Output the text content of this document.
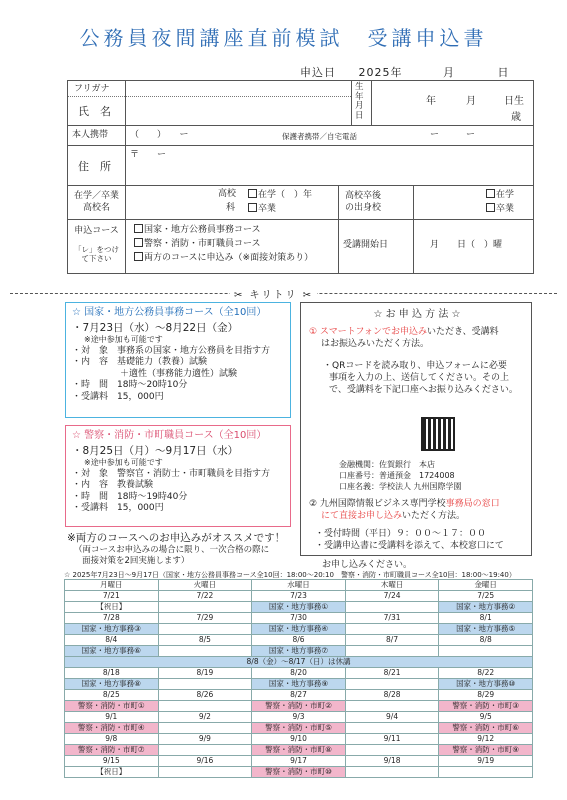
公務員夜間講座直前模試　受講申込書
申込日 2025年	月	日
フリガナ
氏　名
生年月日
年	月	日生
歳
本人携帯 （　　）　　ー	保護者携帯／自宅電話	ー　　　ー
住　所
〒　　ー
在学／卒業
高校名
高校	在学（　）年
科	卒業
高校卒後
の出身校
在学
卒業
申込コース
「レ」をつけ
て下さい
国家・地方公務員事務コース
警察・消防・市町職員コース
両方のコースに申込み（※面接対策あり）
受講開始日	月　　日（　）曜
✂ キリトリ ✂
☆ 国家・地方公務員事務コース（全10回）
・7月23日（水）〜8月22日（金）
※途中参加も可能です
・対　象　事務系の国家・地方公務員を目指す方
・内　容　基礎能力（教養）試験
＋適性（事務能力適性）試験
・時　間　18時〜20時10分
・受講料　15，000円
☆ 警察・消防・市町職員コース（全10回）
・8月25日（月）〜9月17日（水）
※途中参加も可能です
・対　象　警察官・消防士・市町職員を目指す方
・内　容　教養試験
・時　間　18時〜19時40分
・受講料　15，000円
※両方のコースへのお申込みがオススメです！
（両コースお申込みの場合に限り、一次合格の際に
面接対策を2回実施します）
☆ お 申 込 方 法 ☆
① スマートフォンでお申込みいただき、受講料
はお振込みいただく方法。
・QRコードを読み取り、申込フォームに必要
事項を入力の上、送信してください。その上
で、受講料を下記口座へお振り込みください。
金融機関：佐賀銀行　本店
口座番号：普通預金　1724008
口座名義：学校法人 九州国際学園
② 九州国際情報ビジネス専門学校事務局の窓口
にて直接お申し込みいただく方法。
・受付時間（平日）９：００〜１７：００
・受講申込書に受講料を添えて、本校窓口にて
お申し込みください。
☆ 2025年7月23日〜9月17日（国家・地方公務員事務コース全10回：18:00〜20:10　警察・消防・市町職員コース全10回：18:00〜19:40）
月曜日	火曜日	水曜日	木曜日	金曜日
7/21	7/22	7/23	7/24	7/25
【祝日】		国家・地方事務①		国家・地方事務②
7/28	7/29	7/30	7/31	8/1
国家・地方事務③		国家・地方事務④		国家・地方事務⑤
8/4	8/5	8/6	8/7	8/8
国家・地方事務⑥		国家・地方事務⑦		
8/8（金）〜8/17（日）は休講				
8/18	8/19	8/20	8/21	8/22
国家・地方事務⑧		国家・地方事務⑨		国家・地方事務⑩
8/25	8/26	8/27	8/28	8/29
警察・消防・市町①		警察・消防・市町②		警察・消防・市町③
9/1	9/2	9/3	9/4	9/5
警察・消防・市町④		警察・消防・市町⑤		警察・消防・市町⑥
9/8	9/9	9/10	9/11	9/12
警察・消防・市町⑦		警察・消防・市町⑧		警察・消防・市町⑨
9/15	9/16	9/17	9/18	9/19
【祝日】		警察・消防・市町⑩		
